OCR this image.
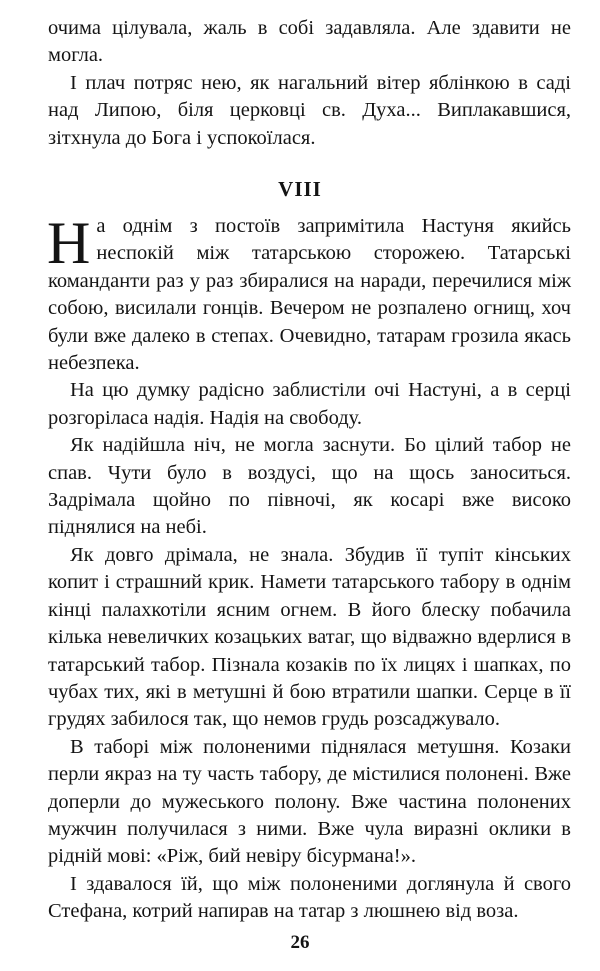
очима цілувала, жаль в собі задавляла. Але здавити не могла.

І плач потряс нею, як нагальний вітер яблінкою в саді над Липою, біля церковці св. Духа... Виплакавшися, зітхнула до Бога і успокоїлася.

VIII

На однім з постоїв запримітила Настуня якийсь неспокій між татарською сторожею. Татарські команданти раз у раз збиралися на наради, перечилися між собою, висилали гонців. Вечером не розпалено огнищ, хоч були вже далеко в степах. Очевидно, татарам грозила якась небезпека.

На цю думку радісно заблистіли очі Настуні, а в серці розгоріласа надія. Надія на свободу.

Як надійшла ніч, не могла заснути. Бо цілий табор не спав. Чути було в воздусі, що на щось заноситься. Задрімала щойно по півночі, як косарі вже високо піднялися на небі.

Як довго дрімала, не знала. Збудив її тупіт кінських копит і страшний крик. Намети татарського табору в однім кінці палахкотіли ясним огнем. В його блеску побачила кілька невеличких козацьких ватаг, що відважно вдерлися в татарський табор. Пізнала козаків по їх лицях і шапках, по чубах тих, які в метушні й бою втратили шапки. Серце в її грудях забилося так, що немов грудь розсаджувало.

В таборі між полоненими піднялася метушня. Козаки перли якраз на ту часть табору, де містилися полонені. Вже доперли до мужеського полону. Вже частина полонених мужчин получилася з ними. Вже чула виразні оклики в рідній мові: «Ріж, бий невіру бісурмана!».

І здавалося їй, що між полоненими доглянула й свого Стефана, котрий напирав на татар з люшнею від воза.

26
